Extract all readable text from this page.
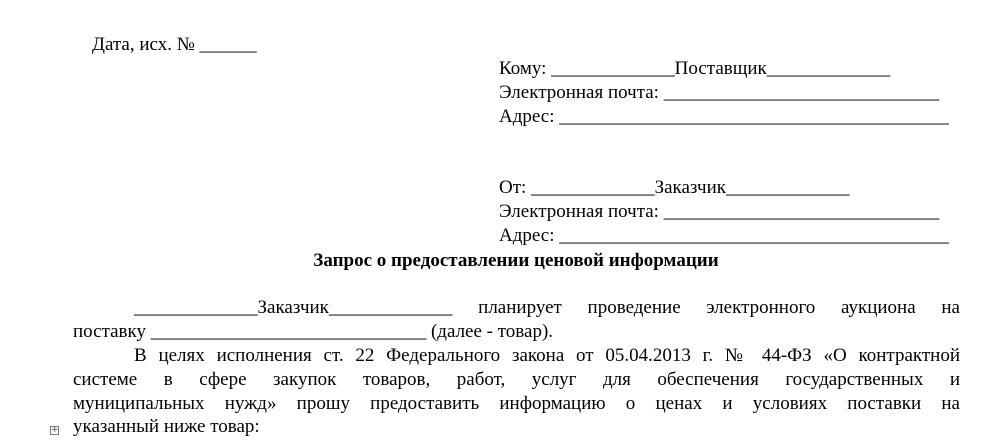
Дата, исх. № ______

Кому: _____________Поставщик_____________

Электронная почта: _____________________________

Адрес: _________________________________________

От: _____________Заказчик_____________

Электронная почта: _____________________________

Адрес: _________________________________________

Запрос о предоставлении ценовой информации
_____________Заказчик_____________ планирует проведение электронного аукциона на
поставку _____________________________ (далее - товар).
В целях исполнения ст. 22 Федерального закона от 05.04.2013 г. № 44-ФЗ «О контрактной
системе в сфере закупок товаров, работ, услуг для обеспечения государственных и
муниципальных нужд» прошу предоставить информацию о ценах и условиях поставки на
указанный ниже товар:
+
